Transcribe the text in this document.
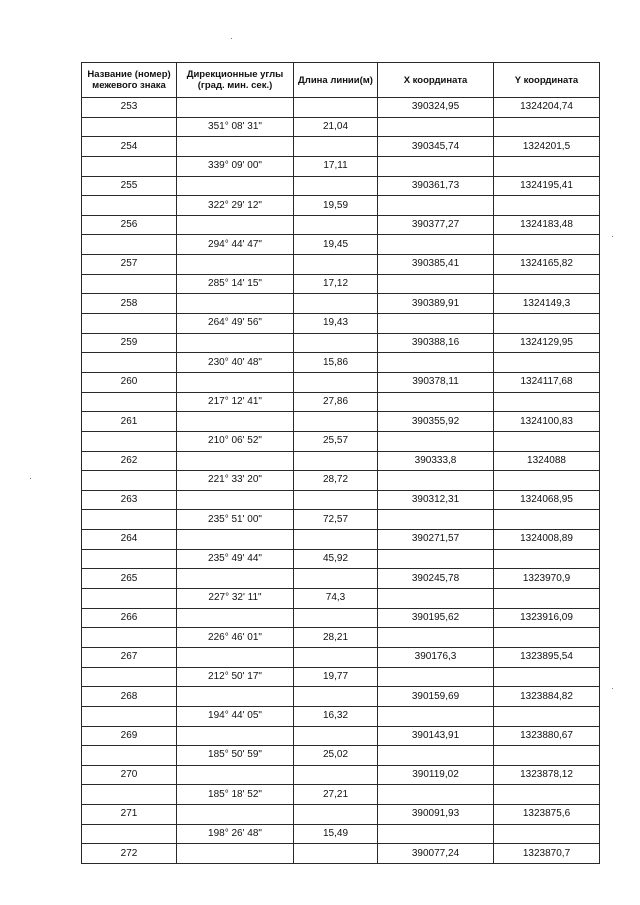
Название (номер) межевого знака	Дирекционные углы (град. мин. сек.)	Длина линии(м)	X координата	Y координата
253			390324,95	1324204,74
	351° 08' 31"	21,04		
254			390345,74	1324201,5
	339° 09' 00"	17,11		
255			390361,73	1324195,41
	322° 29' 12"	19,59		
256			390377,27	1324183,48
	294° 44' 47"	19,45		
257			390385,41	1324165,82
	285° 14' 15"	17,12		
258			390389,91	1324149,3
	264° 49' 56"	19,43		
259			390388,16	1324129,95
	230° 40' 48"	15,86		
260			390378,11	1324117,68
	217° 12' 41"	27,86		
261			390355,92	1324100,83
	210° 06' 52"	25,57		
262			390333,8	1324088
	221° 33' 20"	28,72		
263			390312,31	1324068,95
	235° 51' 00"	72,57		
264			390271,57	1324008,89
	235° 49' 44"	45,92		
265			390245,78	1323970,9
	227° 32' 11"	74,3		
266			390195,62	1323916,09
	226° 46' 01"	28,21		
267			390176,3	1323895,54
	212° 50' 17"	19,77		
268			390159,69	1323884,82
	194° 44' 05"	16,32		
269			390143,91	1323880,67
	185° 50' 59"	25,02		
270			390119,02	1323878,12
	185° 18' 52"	27,21		
271			390091,93	1323875,6
	198° 26' 48"	15,49		
272			390077,24	1323870,7
